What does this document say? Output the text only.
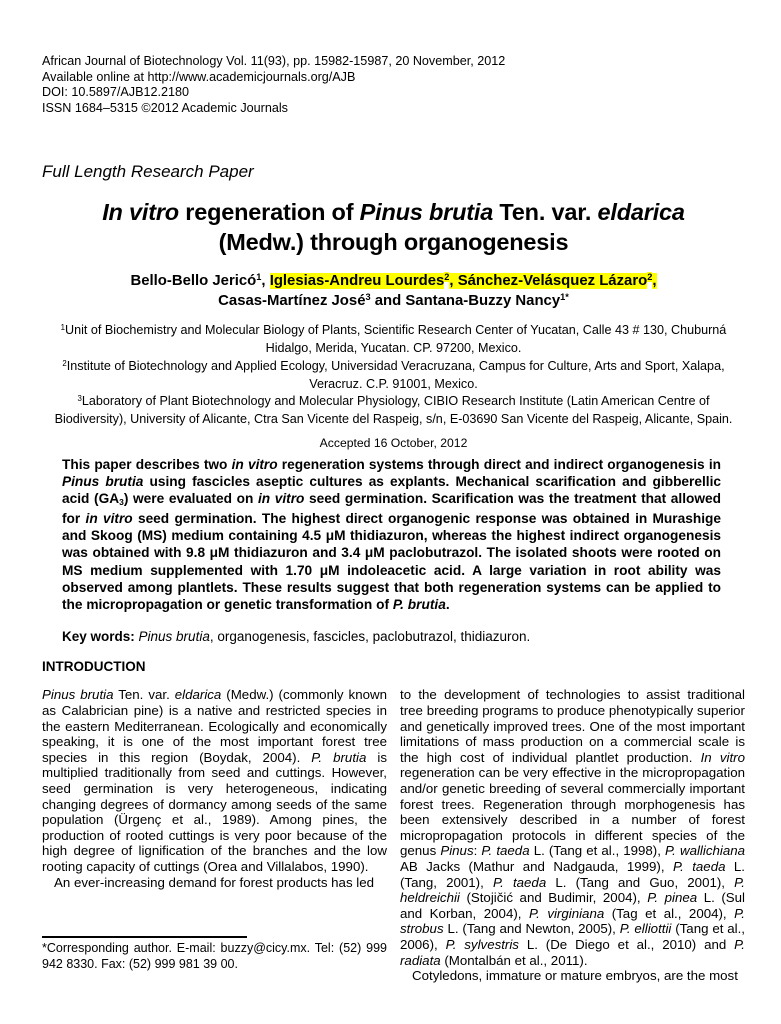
African Journal of Biotechnology Vol. 11(93), pp. 15982-15987, 20 November, 2012
Available online at http://www.academicjournals.org/AJB
DOI: 10.5897/AJB12.2180
ISSN 1684–5315 ©2012 Academic Journals
Full Length Research Paper
In vitro regeneration of Pinus brutia Ten. var. eldarica
(Medw.) through organogenesis
Bello-Bello Jericó$^1$, Iglesias-Andreu Lourdes$^2$, Sánchez-Velásquez Lázaro$^2$,
Casas-Martínez José$^3$ and Santana-Buzzy Nancy$^{1*}$
$^1$Unit of Biochemistry and Molecular Biology of Plants, Scientific Research Center of Yucatan, Calle 43 # 130, Chuburná Hidalgo, Merida, Yucatan. CP. 97200, Mexico.
$^2$Institute of Biotechnology and Applied Ecology, Universidad Veracruzana, Campus for Culture, Arts and Sport, Xalapa, Veracruz. C.P. 91001, Mexico.
$^3$Laboratory of Plant Biotechnology and Molecular Physiology, CIBIO Research Institute (Latin American Centre of Biodiversity), University of Alicante, Ctra San Vicente del Raspeig, s/n, E-03690 San Vicente del Raspeig, Alicante, Spain.
Accepted 16 October, 2012
This paper describes two in vitro regeneration systems through direct and indirect organogenesis in Pinus brutia using fascicles aseptic cultures as explants. Mechanical scarification and gibberellic acid (GA3) were evaluated on in vitro seed germination. Scarification was the treatment that allowed for in vitro seed germination. The highest direct organogenic response was obtained in Murashige and Skoog (MS) medium containing 4.5 μM thidiazuron, whereas the highest indirect organogenesis was obtained with 9.8 μM thidiazuron and 3.4 μM paclobutrazol. The isolated shoots were rooted on MS medium supplemented with 1.70 μM indoleacetic acid. A large variation in root ability was observed among plantlets. These results suggest that both regeneration systems can be applied to the micropropagation or genetic transformation of P. brutia.
Key words: Pinus brutia, organogenesis, fascicles, paclobutrazol, thidiazuron.
INTRODUCTION

Pinus brutia Ten. var. eldarica (Medw.) (commonly known as Calabrician pine) is a native and restricted species in the eastern Mediterranean. Ecologically and economically speaking, it is one of the most important forest tree species in this region (Boydak, 2004). P. brutia is multiplied traditionally from seed and cuttings. However, seed germination is very heterogeneous, indicating changing degrees of dormancy among seeds of the same population (Ürgenç et al., 1989). Among pines, the production of rooted cuttings is very poor because of the high degree of lignification of the branches and the low rooting capacity of cuttings (Orea and Villalabos, 1990).

An ever-increasing demand for forest products has led

to the development of technologies to assist traditional tree breeding programs to produce phenotypically superior and genetically improved trees. One of the most important limitations of mass production on a commercial scale is the high cost of individual plantlet production. In vitro regeneration can be very effective in the micropropagation and/or genetic breeding of several commercially important forest trees. Regeneration through morphogenesis has been extensively described in a number of forest micropropagation protocols in different species of the genus Pinus: P. taeda L. (Tang et al., 1998), P. wallichiana AB Jacks (Mathur and Nadgauda, 1999), P. taeda L. (Tang, 2001), P. taeda L. (Tang and Guo, 2001), P. heldreichii (Stojičić and Budimir, 2004), P. pinea L. (Sul and Korban, 2004), P. virginiana (Tag et al., 2004), P. strobus L. (Tang and Newton, 2005), P. elliottii (Tang et al., 2006), P. sylvestris L. (De Diego et al., 2010) and P. radiata (Montalbán et al., 2011).

Cotyledons, immature or mature embryos, are the most

*Corresponding author. E-mail: buzzy@cicy.mx. Tel: (52) 999 942 8330. Fax: (52) 999 981 39 00.
